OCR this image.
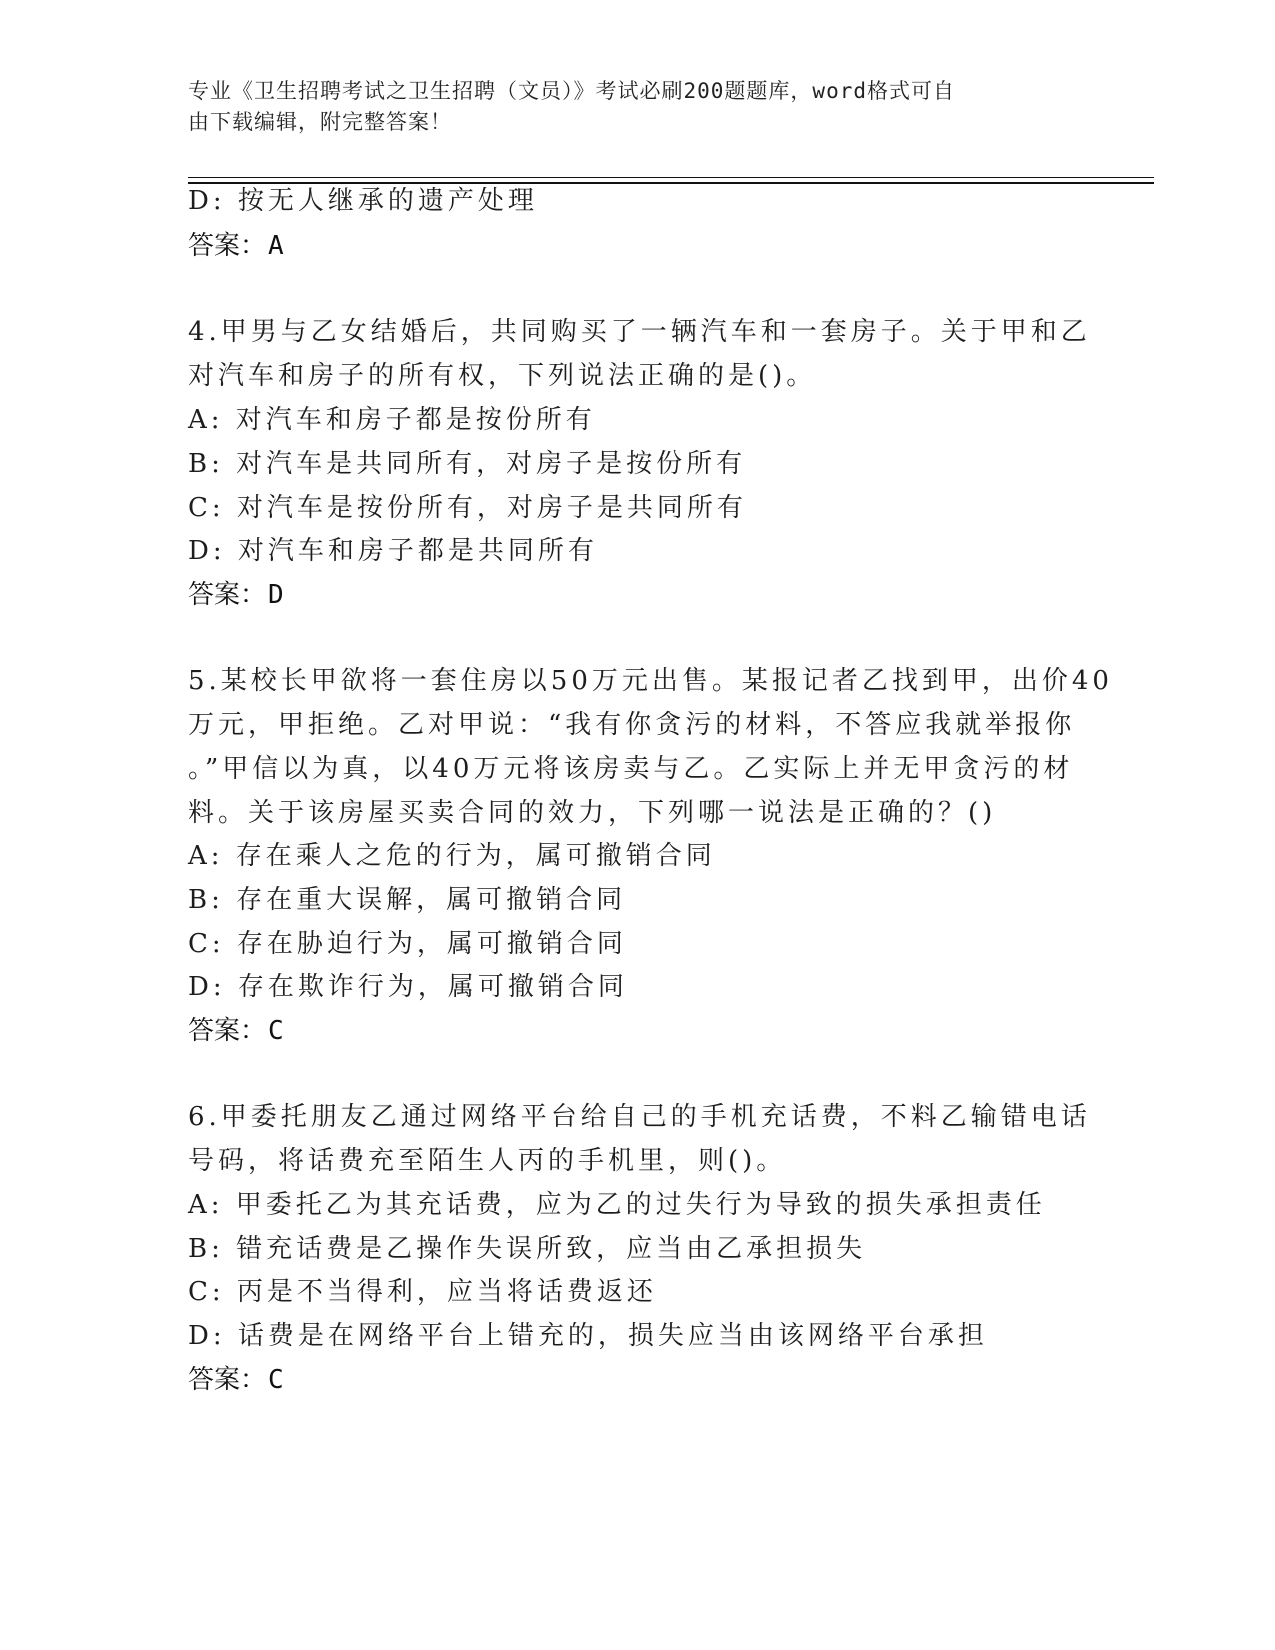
专业《卫生招聘考试之卫生招聘（文员）》考试必刷200题题库，word格式可自
由下载编辑，附完整答案！
D: 按无人继承的遗产处理
答案：A
4.甲男与乙女结婚后，共同购买了一辆汽车和一套房子。关于甲和乙
对汽车和房子的所有权，下列说法正确的是()。
A: 对汽车和房子都是按份所有
B: 对汽车是共同所有，对房子是按份所有
C: 对汽车是按份所有，对房子是共同所有
D: 对汽车和房子都是共同所有
答案：D
5.某校长甲欲将一套住房以50万元出售。某报记者乙找到甲，出价40
万元，甲拒绝。乙对甲说：“我有你贪污的材料，不答应我就举报你
。”甲信以为真，以40万元将该房卖与乙。乙实际上并无甲贪污的材
料。关于该房屋买卖合同的效力，下列哪一说法是正确的？()
A: 存在乘人之危的行为，属可撤销合同
B: 存在重大误解，属可撤销合同
C: 存在胁迫行为，属可撤销合同
D: 存在欺诈行为，属可撤销合同
答案：C
6.甲委托朋友乙通过网络平台给自己的手机充话费，不料乙输错电话
号码，将话费充至陌生人丙的手机里，则()。
A: 甲委托乙为其充话费，应为乙的过失行为导致的损失承担责任
B: 错充话费是乙操作失误所致，应当由乙承担损失
C: 丙是不当得利，应当将话费返还
D: 话费是在网络平台上错充的，损失应当由该网络平台承担
答案：C
